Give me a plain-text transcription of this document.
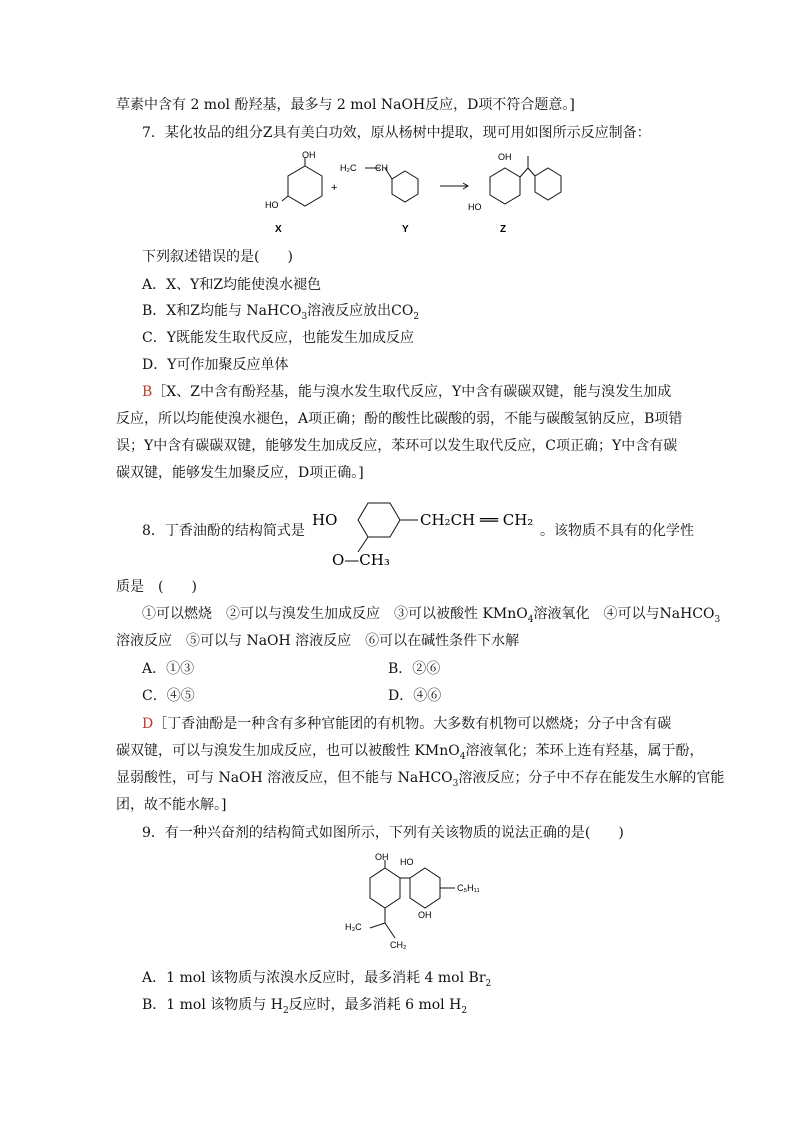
草素中含有 2 mol 酚羟基，最多与 2 mol NaOH反应，D项不符合题意。]
7．某化妆品的组分Z具有美白功效，原从杨树中提取，现可用如图所示反应制备：
OH
HO
+
H₂C CH
OH
HO
X	Y	Z
下列叙述错误的是(　　)
A．X、Y和Z均能使溴水褪色
B．X和Z均能与 NaHCO$_3$溶液反应放出$CO_2$
C．Y既能发生取代反应，也能发生加成反应
D．Y可作加聚反应单体
B［X、Z中含有酚羟基，能与溴水发生取代反应，Y中含有碳碳双键，能与溴发生加成
反应，所以均能使溴水褪色，A项正确；酚的酸性比碳酸的弱，不能与碳酸氢钠反应，B项错
误；Y中含有碳碳双键，能够发生加成反应，苯环可以发生取代反应，C项正确；Y中含有碳
碳双键，能够发生加聚反应，D项正确。]
8．丁香油酚的结构简式是
HO	CH₂CH ══ CH₂
O—CH₃
。该物质不具有的化学性
质是　(　　)
①可以燃烧　②可以与溴发生加成反应　③可以被酸性 KMnO$_4$溶液氧化　④可以与NaHCO$_3$
溶液反应　⑤可以与 NaOH 溶液反应　⑥可以在碱性条件下水解
A．①③	B．②⑥
C．④⑤	D．④⑥
D［丁香油酚是一种含有多种官能团的有机物。大多数有机物可以燃烧；分子中含有碳
碳双键，可以与溴发生加成反应，也可以被酸性 KMnO$_4$溶液氧化；苯环上连有羟基，属于酚，
显弱酸性，可与 NaOH 溶液反应，但不能与 NaHCO$_3$溶液反应；分子中不存在能发生水解的官能
团，故不能水解。]
9．有一种兴奋剂的结构简式如图所示，下列有关该物质的说法正确的是(　　)
OH HO
OH
C₅H₁₁
H₃C
CH₂
A．1 mol 该物质与浓溴水反应时，最多消耗 4 mol $Br_2$
B．1 mol 该物质与 $H_2$反应时，最多消耗 6 mol $H_2$
